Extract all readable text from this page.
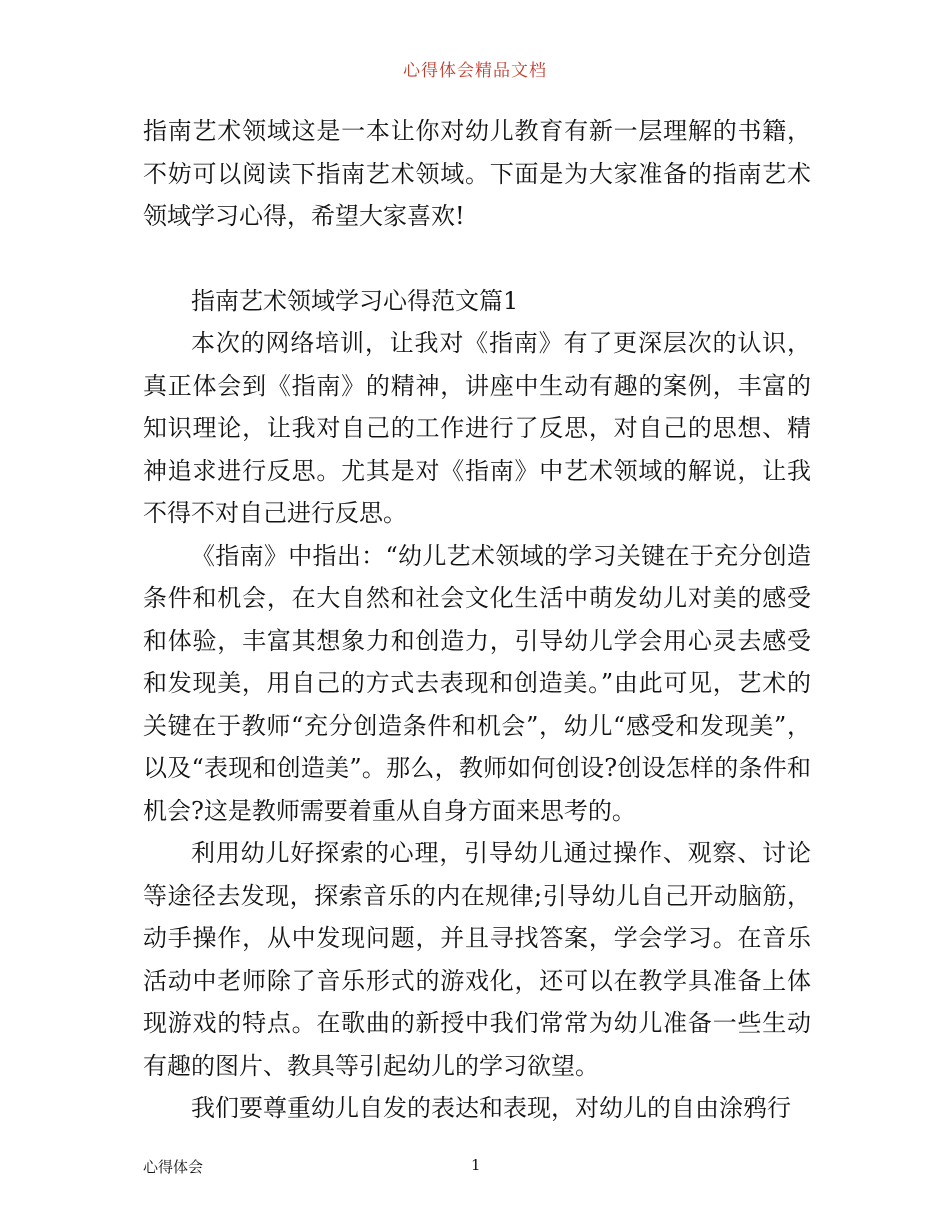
心得体会精品文档

指南艺术领域这是一本让你对幼儿教育有新一层理解的书籍，不妨可以阅读下指南艺术领域。下面是为大家准备的指南艺术领域学习心得，希望大家喜欢!

指南艺术领域学习心得范文篇1

本次的网络培训，让我对《指南》有了更深层次的认识，真正体会到《指南》的精神，讲座中生动有趣的案例，丰富的知识理论，让我对自己的工作进行了反思，对自己的思想、精神追求进行反思。尤其是对《指南》中艺术领域的解说，让我不得不对自己进行反思。

《指南》中指出：“幼儿艺术领域的学习关键在于充分创造条件和机会，在大自然和社会文化生活中萌发幼儿对美的感受和体验，丰富其想象力和创造力，引导幼儿学会用心灵去感受和发现美，用自己的方式去表现和创造美。”由此可见，艺术的关键在于教师“充分创造条件和机会”，幼儿“感受和发现美”，以及“表现和创造美”。那么，教师如何创设?创设怎样的条件和机会?这是教师需要着重从自身方面来思考的。

利用幼儿好探索的心理，引导幼儿通过操作、观察、讨论等途径去发现，探索音乐的内在规律;引导幼儿自己开动脑筋，动手操作，从中发现问题，并且寻找答案，学会学习。在音乐活动中老师除了音乐形式的游戏化，还可以在教学具准备上体现游戏的特点。在歌曲的新授中我们常常为幼儿准备一些生动有趣的图片、教具等引起幼儿的学习欲望。

我们要尊重幼儿自发的表达和表现，对幼儿的自由涂鸦行

心得体会	1
